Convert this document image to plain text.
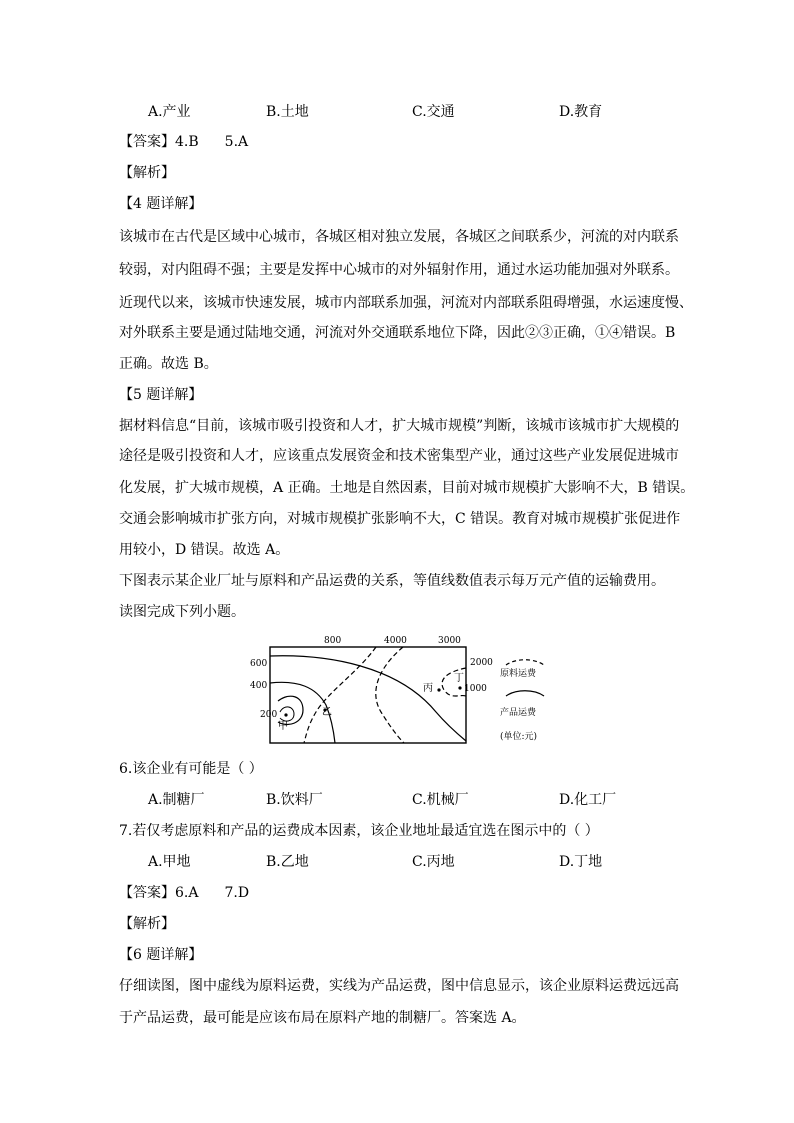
A.产业	B.土地	C.交通	D.教育
【答案】4.B 5.A
【解析】
【4 题详解】
该城市在古代是区域中心城市，各城区相对独立发展，各城区之间联系少，河流的对内联系
较弱，对内阻碍不强；主要是发挥中心城市的对外辐射作用，通过水运功能加强对外联系。
近现代以来，该城市快速发展，城市内部联系加强，河流对内部联系阻碍增强，水运速度慢、
对外联系主要是通过陆地交通，河流对外交通联系地位下降，因此②③正确，①④错误。B
正确。故选 B。
【5 题详解】
据材料信息“目前，该城市吸引投资和人才，扩大城市规模”判断，该城市该城市扩大规模的
途径是吸引投资和人才，应该重点发展资金和技术密集型产业，通过这些产业发展促进城市
化发展，扩大城市规模，A 正确。土地是自然因素，目前对城市规模扩大影响不大，B 错误。
交通会影响城市扩张方向，对城市规模扩张影响不大，C 错误。教育对城市规模扩张促进作
用较小，D 错误。故选 A。
下图表示某企业厂址与原料和产品运费的关系，等值线数值表示每万元产值的运输费用。
读图完成下列小题。
800	4000	3000
600
400
200
2000
1000
甲
乙
丙
丁	原料运费
产品运费
(单位:元)
6.该企业有可能是（ ）
A.制糖厂	B.饮料厂	C.机械厂	D.化工厂
7.若仅考虑原料和产品的运费成本因素，该企业地址最适宜选在图示中的（ ）
A.甲地	B.乙地	C.丙地	D.丁地
【答案】6.A 7.D
【解析】
【6 题详解】
仔细读图，图中虚线为原料运费，实线为产品运费，图中信息显示，该企业原料运费远远高
于产品运费，最可能是应该布局在原料产地的制糖厂。答案选 A。
